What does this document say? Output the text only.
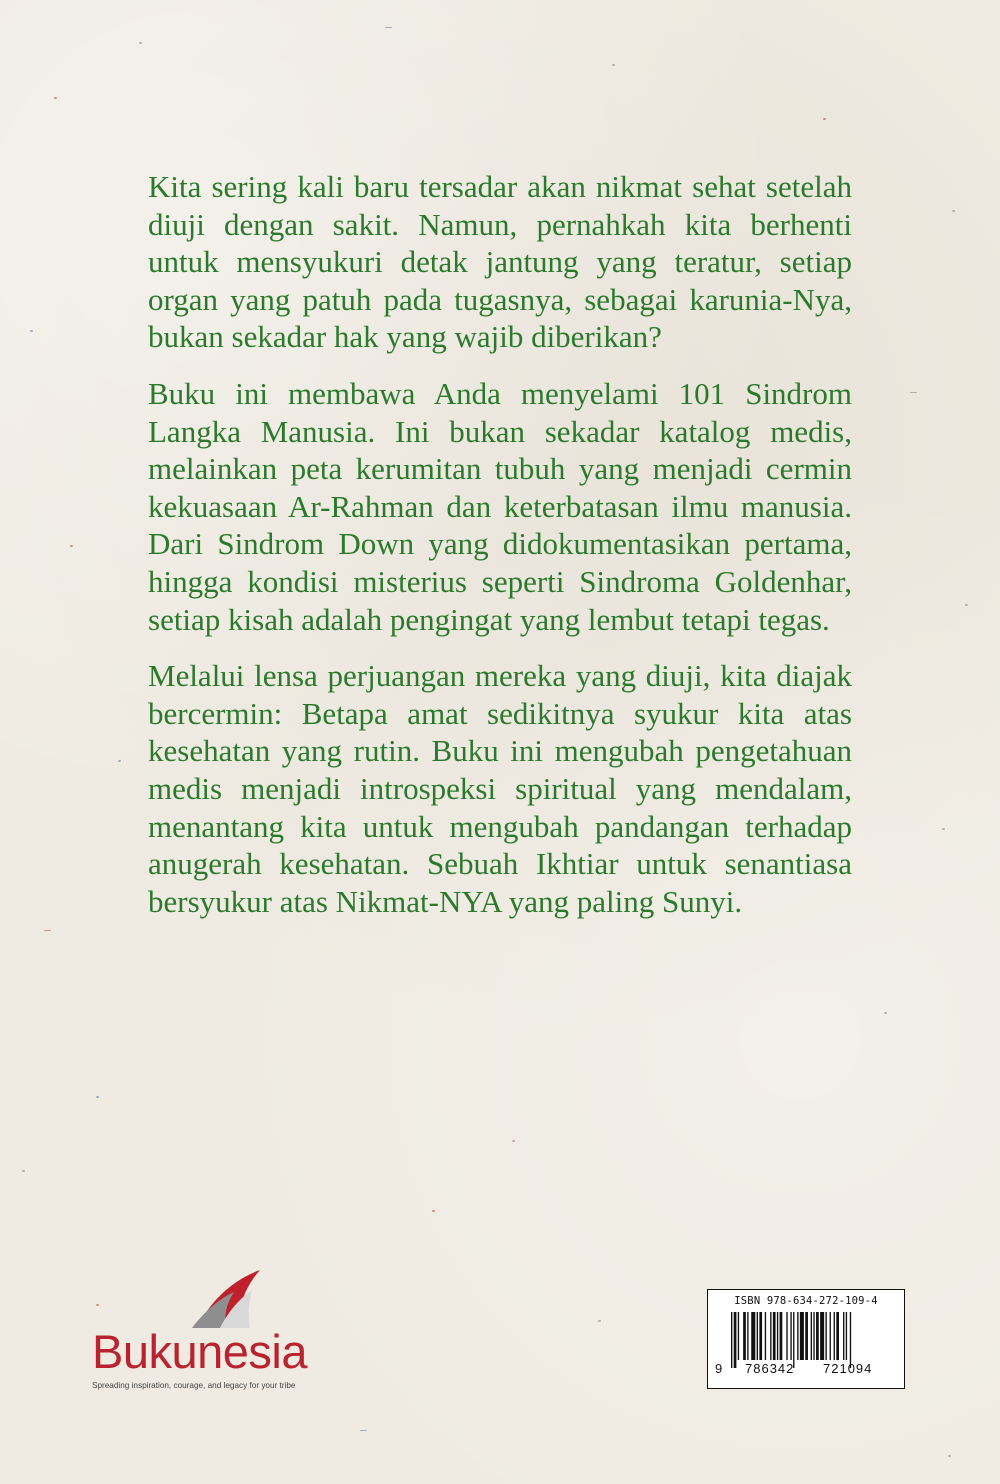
Kita sering kali baru tersadar akan nikmat sehat setelah diuji dengan sakit. Namun, pernahkah kita berhenti untuk mensyukuri detak jantung yang teratur, setiap organ yang patuh pada tugasnya, sebagai karunia-Nya, bukan sekadar hak yang wajib diberikan?

Buku ini membawa Anda menyelami 101 Sindrom Langka Manusia. Ini bukan sekadar katalog medis, melainkan peta kerumitan tubuh yang menjadi cermin kekuasaan Ar-Rahman dan keterbatasan ilmu manusia. Dari Sindrom Down yang didokumentasikan pertama, hingga kondisi misterius seperti Sindroma Goldenhar, setiap kisah adalah pengingat yang lembut tetapi tegas.

Melalui lensa perjuangan mereka yang diuji, kita diajak bercermin: Betapa amat sedikitnya syukur kita atas kesehatan yang rutin. Buku ini mengubah pengetahuan medis menjadi introspeksi spiritual yang mendalam, menantang kita untuk mengubah pandangan terhadap anugerah kesehatan. Sebuah Ikhtiar untuk senantiasa bersyukur atas Nikmat-NYA yang paling Sunyi.

Bukunesia
Spreading inspiration, courage, and legacy for your tribe
ISBN 978-634-272-109-4
9 786342 721094
